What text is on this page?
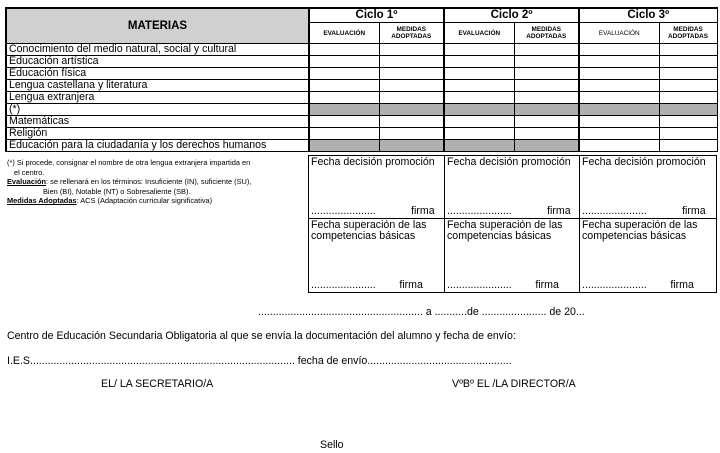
MATERIAS	Ciclo 1º		Ciclo 2º		Ciclo 3º	
	EVALUACIÓN	MEDIDAS ADOPTADAS	EVALUACIÓN	MEDIDAS ADOPTADAS	EVALUACIÓN	MEDIDAS ADOPTADAS
Conocimiento del medio natural, social y cultural						
Educación artística						
Educación física						
Lengua castellana y literatura						
Lengua extranjera						
(*)						
Matemáticas						
Religión						
Educación para la ciudadanía y los derechos humanos						

(*) Si procede, consignar el nombre de otra lengua extranjera impartida en

el centro.

Evaluación: se rellenará en los términos: Insuficiente (IN), suficiente (SU),

Bien (BI), Notable (NT) o Sobresaliente (SB).

Medidas Adoptadas: ACS (Adaptación curricular significativa)

Fecha decisión promoción
......................	firma
Fecha decisión promoción
......................	firma
Fecha decisión promoción
......................	firma
Fecha superación de las competencias básicas
...................... firma
Fecha superación de las competencias básicas
...................... firma
Fecha superación de las competencias básicas
...................... firma
........................................................ a ...........de ...................... de 20...
Centro de Educación Secundaria Obligatoria al que se envía la documentación del alumno y fecha de envío:
I.E.S.......................................................................................... fecha de envío.................................................
EL/ LA SECRETARIO/A	VºBº EL /LA DIRECTOR/A
Sello
